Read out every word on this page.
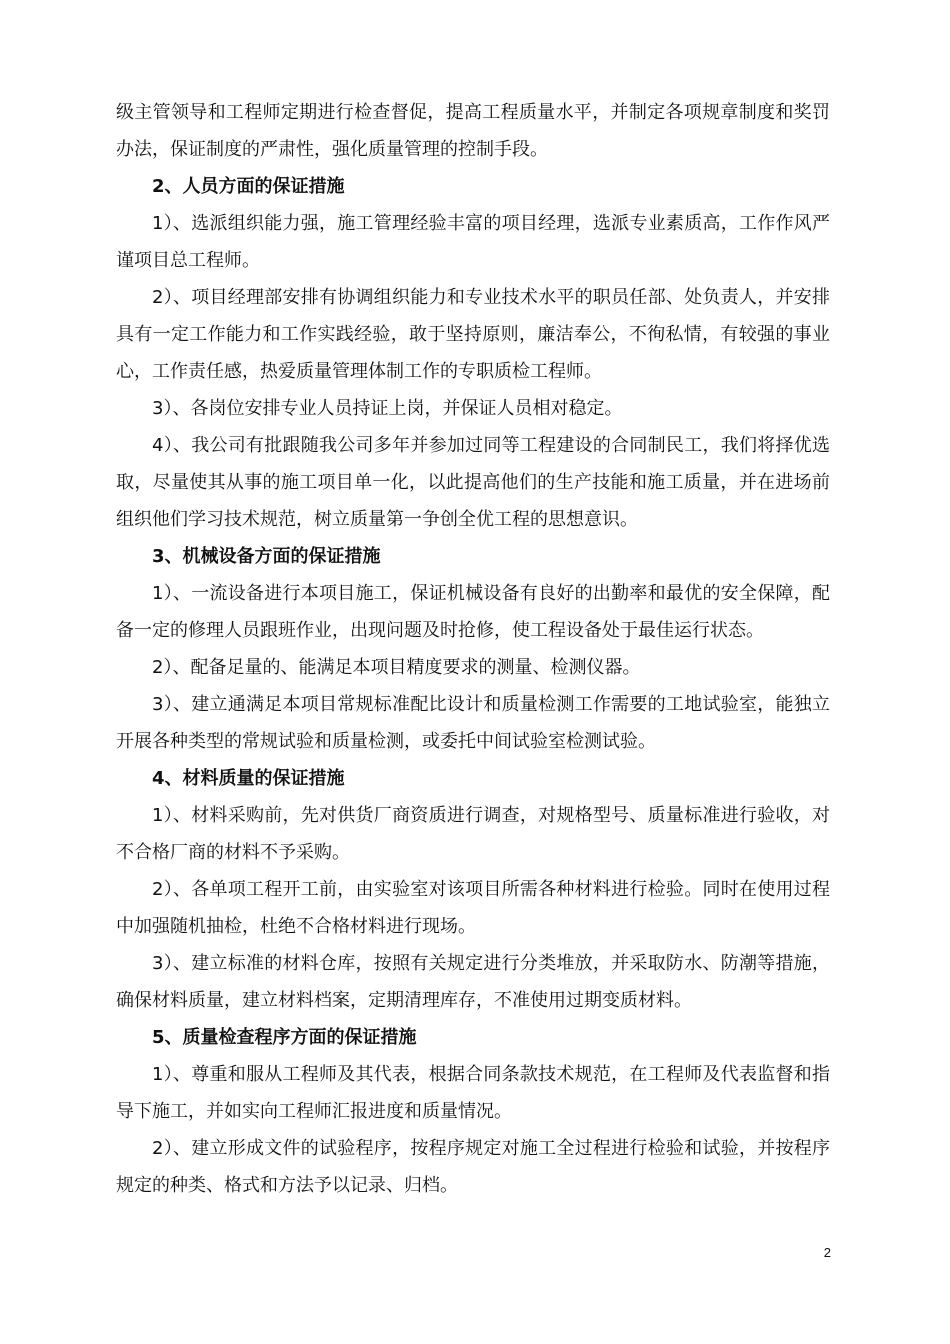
级主管领导和工程师定期进行检查督促，提高工程质量水平，并制定各项规章制度和奖罚办法，保证制度的严肃性，强化质量管理的控制手段。

2、人员方面的保证措施

1）、选派组织能力强，施工管理经验丰富的项目经理，选派专业素质高，工作作风严谨项目总工程师。

2）、项目经理部安排有协调组织能力和专业技术水平的职员任部、处负责人，并安排具有一定工作能力和工作实践经验，敢于坚持原则，廉洁奉公，不徇私情，有较强的事业心，工作责任感，热爱质量管理体制工作的专职质检工程师。

3）、各岗位安排专业人员持证上岗，并保证人员相对稳定。

4）、我公司有批跟随我公司多年并参加过同等工程建设的合同制民工，我们将择优选取，尽量使其从事的施工项目单一化，以此提高他们的生产技能和施工质量，并在进场前组织他们学习技术规范，树立质量第一争创全优工程的思想意识。

3、机械设备方面的保证措施

1）、一流设备进行本项目施工，保证机械设备有良好的出勤率和最优的安全保障，配备一定的修理人员跟班作业，出现问题及时抢修，使工程设备处于最佳运行状态。

2）、配备足量的、能满足本项目精度要求的测量、检测仪器。

3）、建立通满足本项目常规标准配比设计和质量检测工作需要的工地试验室，能独立开展各种类型的常规试验和质量检测，或委托中间试验室检测试验。

4、材料质量的保证措施

1）、材料采购前，先对供货厂商资质进行调查，对规格型号、质量标准进行验收，对不合格厂商的材料不予采购。

2）、各单项工程开工前，由实验室对该项目所需各种材料进行检验。同时在使用过程中加强随机抽检，杜绝不合格材料进行现场。

3）、建立标准的材料仓库，按照有关规定进行分类堆放，并采取防水、防潮等措施，确保材料质量，建立材料档案，定期清理库存，不准使用过期变质材料。

5、质量检查程序方面的保证措施

1）、尊重和服从工程师及其代表，根据合同条款技术规范，在工程师及代表监督和指导下施工，并如实向工程师汇报进度和质量情况。

2）、建立形成文件的试验程序，按程序规定对施工全过程进行检验和试验，并按程序规定的种类、格式和方法予以记录、归档。

2
